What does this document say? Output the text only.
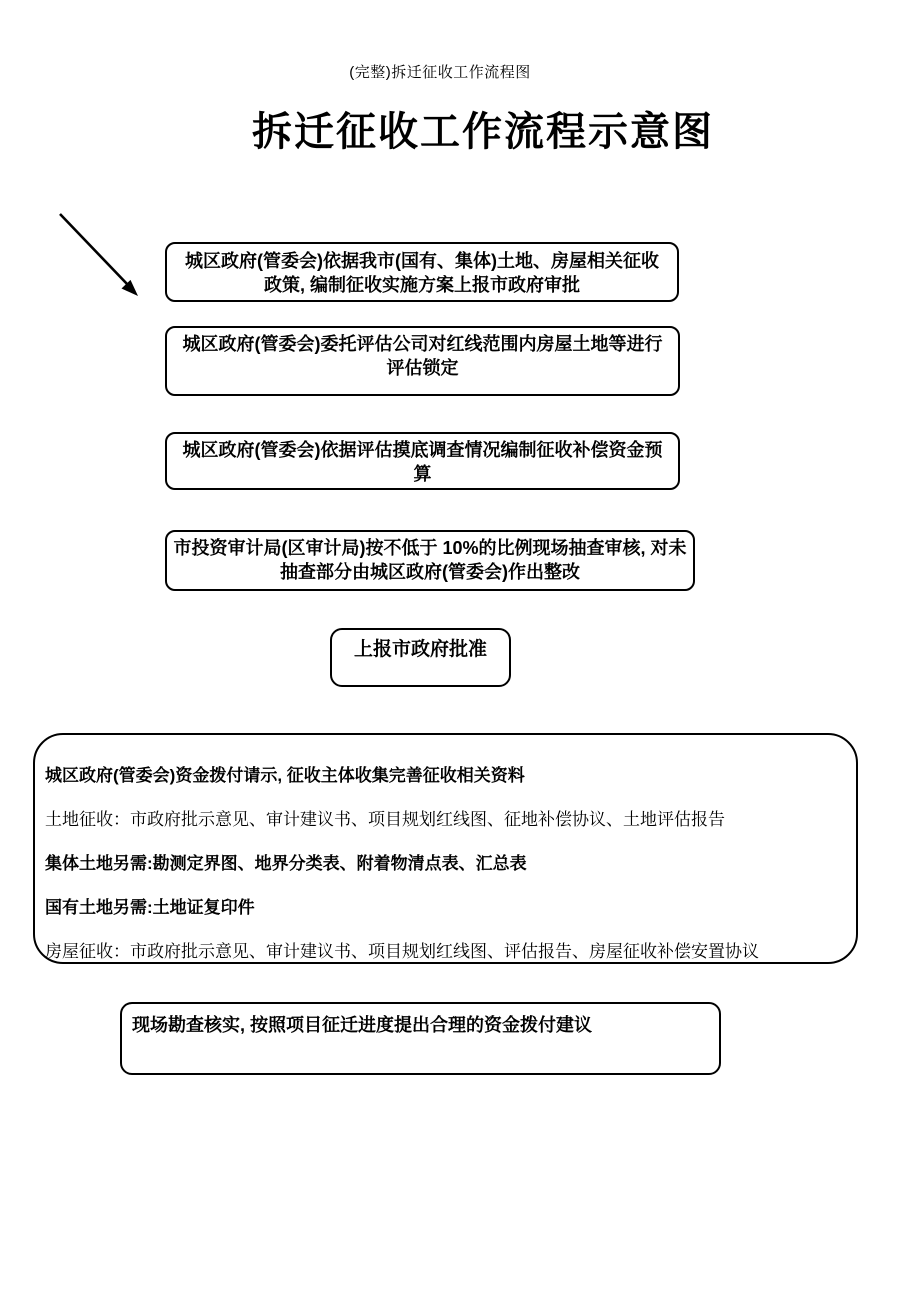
(完整)拆迁征收工作流程图
拆迁征收工作流程示意图
城区政府(管委会)依据我市(国有、集体)土地、房屋相关征收政策, 编制征收实施方案上报市政府审批
城区政府(管委会)委托评估公司对红线范围内房屋土地等进行评估锁定
城区政府(管委会)依据评估摸底调查情况编制征收补偿资金预算
市投资审计局(区审计局)按不低于 10%的比例现场抽查审核, 对未抽查部分由城区政府(管委会)作出整改
上报市政府批准

城区政府(管委会)资金拨付请示, 征收主体收集完善征收相关资料

土地征收：市政府批示意见、审计建议书、项目规划红线图、征地补偿协议、土地评估报告

集体土地另需:勘测定界图、地界分类表、附着物清点表、汇总表

国有土地另需:土地证复印件

房屋征收：市政府批示意见、审计建议书、项目规划红线图、评估报告、房屋征收补偿安置协议

现场勘查核实, 按照项目征迁进度提出合理的资金拨付建议
